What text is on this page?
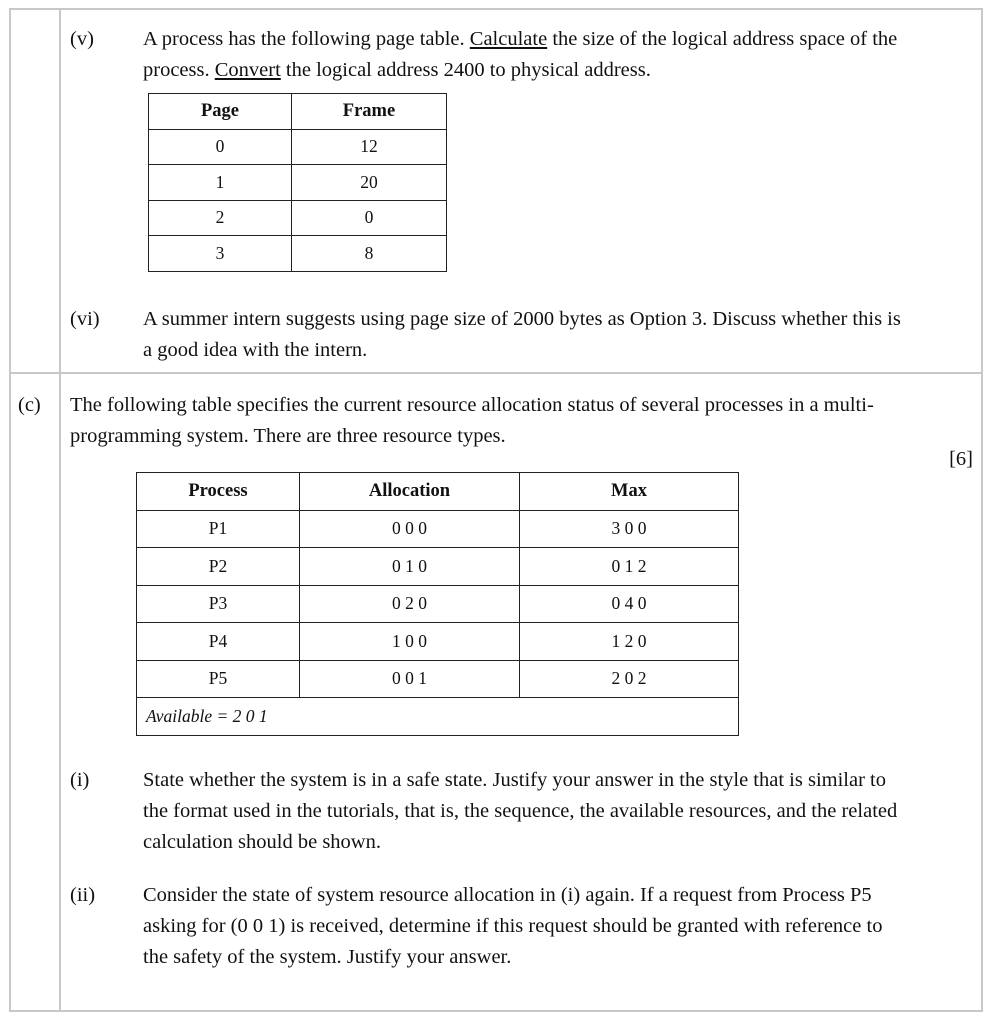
(v) A process has the following page table. Calculate the size of the logical address space of the
process. Convert the logical address 2400 to physical address.
Page	Frame
0	12
1	20
2	0
3	8
(vi) A summer intern suggests using page size of 2000 bytes as Option 3. Discuss whether this is
a good idea with the intern.
(c) The following table specifies the current resource allocation status of several processes in a multi-
programming system. There are three resource types.
[6]
Process	Allocation	Max
P1	0 0 0	3 0 0
P2	0 1 0	0 1 2
P3	0 2 0	0 4 0
P4	1 0 0	1 2 0
P5	0 0 1	2 0 2
Available = 2 0 1		
(i)	State whether the system is in a safe state. Justify your answer in the style that is similar to
the format used in the tutorials, that is, the sequence, the available resources, and the related
calculation should be shown.
(ii) Consider the state of system resource allocation in (i) again. If a request from Process P5
asking for (0 0 1) is received, determine if this request should be granted with reference to
the safety of the system. Justify your answer.
